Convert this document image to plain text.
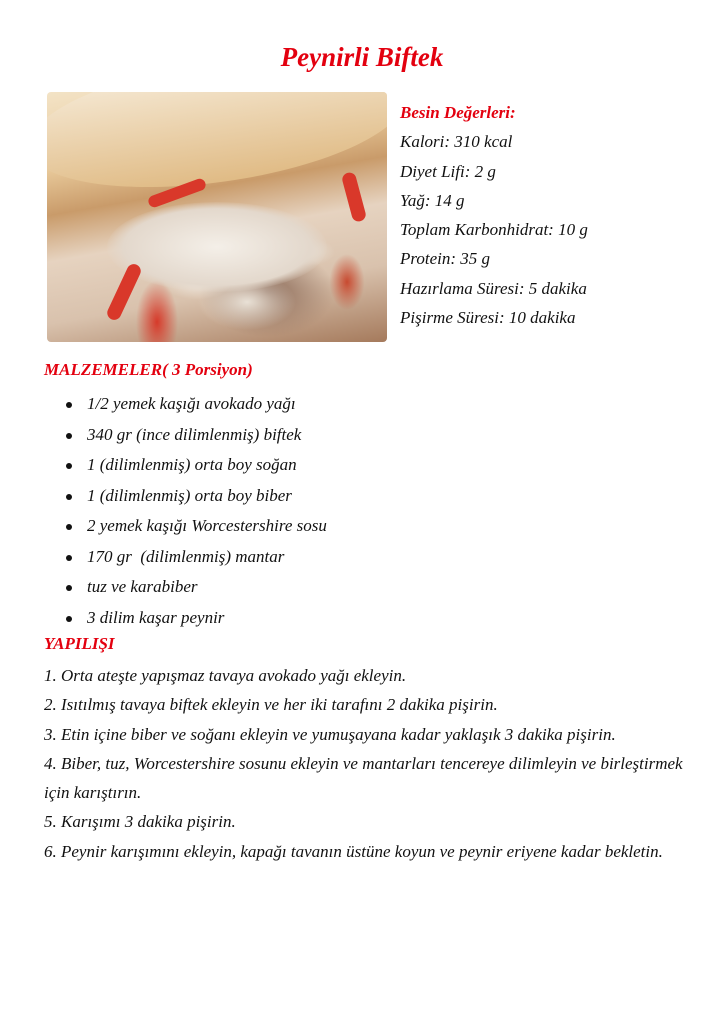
Peynirli Biftek
Besin Değerleri:
Kalori: 310 kcal
Diyet Lifi: 2 g
Yağ: 14 g
Toplam Karbonhidrat: 10 g
Protein: 35 g
Hazırlama Süresi: 5 dakika
Pişirme Süresi: 10 dakika
MALZEMELER( 3 Porsiyon)
1/2 yemek kaşığı avokado yağı
340 gr (ince dilimlenmiş) biftek
1 (dilimlenmiş) orta boy soğan
1 (dilimlenmiş) orta boy biber
2 yemek kaşığı Worcestershire sosu
170 gr  (dilimlenmiş) mantar
tuz ve karabiber
3 dilim kaşar peynir
YAPILIŞI
1. Orta ateşte yapışmaz tavaya avokado yağı ekleyin.
2. Isıtılmış tavaya biftek ekleyin ve her iki tarafını 2 dakika pişirin.
3. Etin içine biber ve soğanı ekleyin ve yumuşayana kadar yaklaşık 3 dakika pişirin.
4. Biber, tuz, Worcestershire sosunu ekleyin ve mantarları tencereye dilimleyin ve birleştirmek için karıştırın.
5. Karışımı 3 dakika pişirin.
6. Peynir karışımını ekleyin, kapağı tavanın üstüne koyun ve peynir eriyene kadar bekletin.
